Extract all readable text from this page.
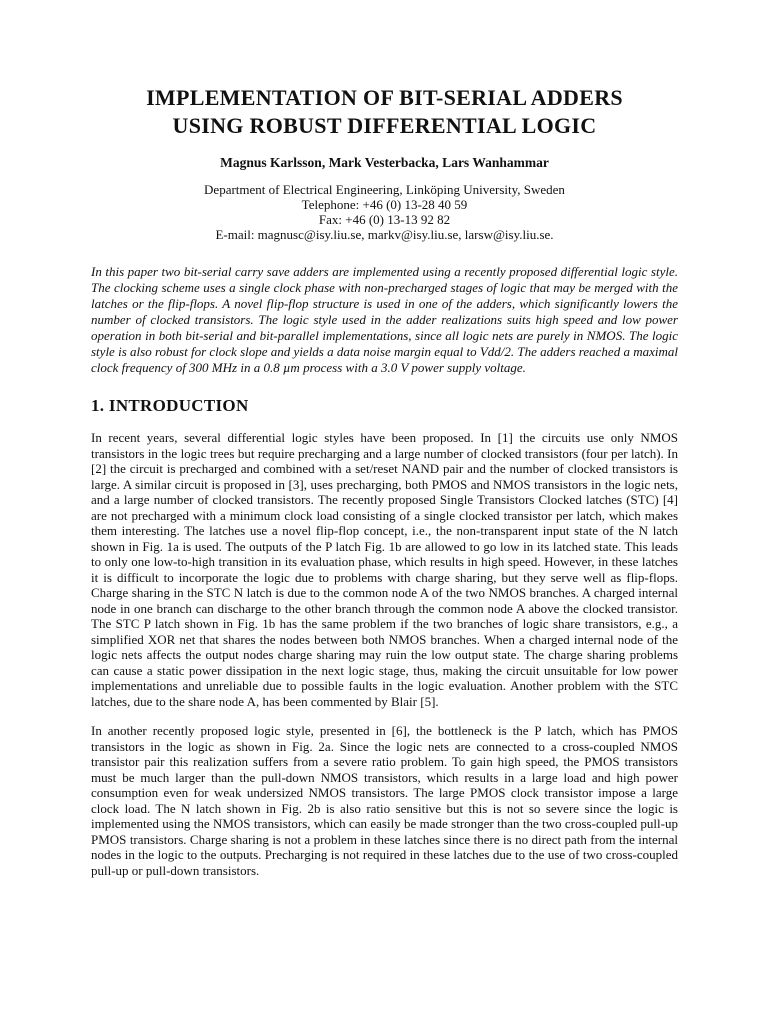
IMPLEMENTATION OF BIT-SERIAL ADDERS
USING ROBUST DIFFERENTIAL LOGIC
Magnus Karlsson, Mark Vesterbacka, Lars Wanhammar
Department of Electrical Engineering, Linköping University, Sweden
Telephone: +46 (0) 13-28 40 59
Fax: +46 (0) 13-13 92 82
E-mail: magnusc@isy.liu.se, markv@isy.liu.se, larsw@isy.liu.se.

In this paper two bit-serial carry save adders are implemented using a recently proposed differential logic style. The clocking scheme uses a single clock phase with non-precharged stages of logic that may be merged with the latches or the flip-flops. A novel flip-flop structure is used in one of the adders, which significantly lowers the number of clocked transistors. The logic style used in the adder realizations suits high speed and low power operation in both bit-serial and bit-parallel implementations, since all logic nets are purely in NMOS. The logic style is also robust for clock slope and yields a data noise margin equal to Vdd/2. The adders reached a maximal clock frequency of 300 MHz in a 0.8 µm process with a 3.0 V power supply voltage.

1. INTRODUCTION

In recent years, several differential logic styles have been proposed. In [1] the circuits use only NMOS transistors in the logic trees but require precharging and a large number of clocked transistors (four per latch). In [2] the circuit is precharged and combined with a set/reset NAND pair and the number of clocked transistors is large. A similar circuit is proposed in [3], uses precharging, both PMOS and NMOS transistors in the logic nets, and a large number of clocked transistors. The recently proposed Single Transistors Clocked latches (STC) [4] are not precharged with a minimum clock load consisting of a single clocked transistor per latch, which makes them interesting. The latches use a novel flip-flop concept, i.e., the non-transparent input state of the N latch shown in Fig. 1a is used. The outputs of the P latch Fig. 1b are allowed to go low in its latched state. This leads to only one low-to-high transition in its evaluation phase, which results in high speed. However, in these latches it is difficult to incorporate the logic due to problems with charge sharing, but they serve well as flip-flops. Charge sharing in the STC N latch is due to the common node A of the two NMOS branches. A charged internal node in one branch can discharge to the other branch through the common node A above the clocked transistor. The STC P latch shown in Fig. 1b has the same problem if the two branches of logic share transistors, e.g., a simplified XOR net that shares the nodes between both NMOS branches. When a charged internal node of the logic nets affects the output nodes charge sharing may ruin the low output state. The charge sharing problems can cause a static power dissipation in the next logic stage, thus, making the circuit unsuitable for low power implementations and unreliable due to possible faults in the logic evaluation. Another problem with the STC latches, due to the share node A, has been commented by Blair [5].

In another recently proposed logic style, presented in [6], the bottleneck is the P latch, which has PMOS transistors in the logic as shown in Fig. 2a. Since the logic nets are connected to a cross-coupled NMOS transistor pair this realization suffers from a severe ratio problem. To gain high speed, the PMOS transistors must be much larger than the pull-down NMOS transistors, which results in a large load and high power consumption even for weak undersized NMOS transistors. The large PMOS clock transistor impose a large clock load. The N latch shown in Fig. 2b is also ratio sensitive but this is not so severe since the logic is implemented using the NMOS transistors, which can easily be made stronger than the two cross-coupled pull-up PMOS transistors. Charge sharing is not a problem in these latches since there is no direct path from the internal nodes in the logic to the outputs. Precharging is not required in these latches due to the use of two cross-coupled pull-up or pull-down transistors.
